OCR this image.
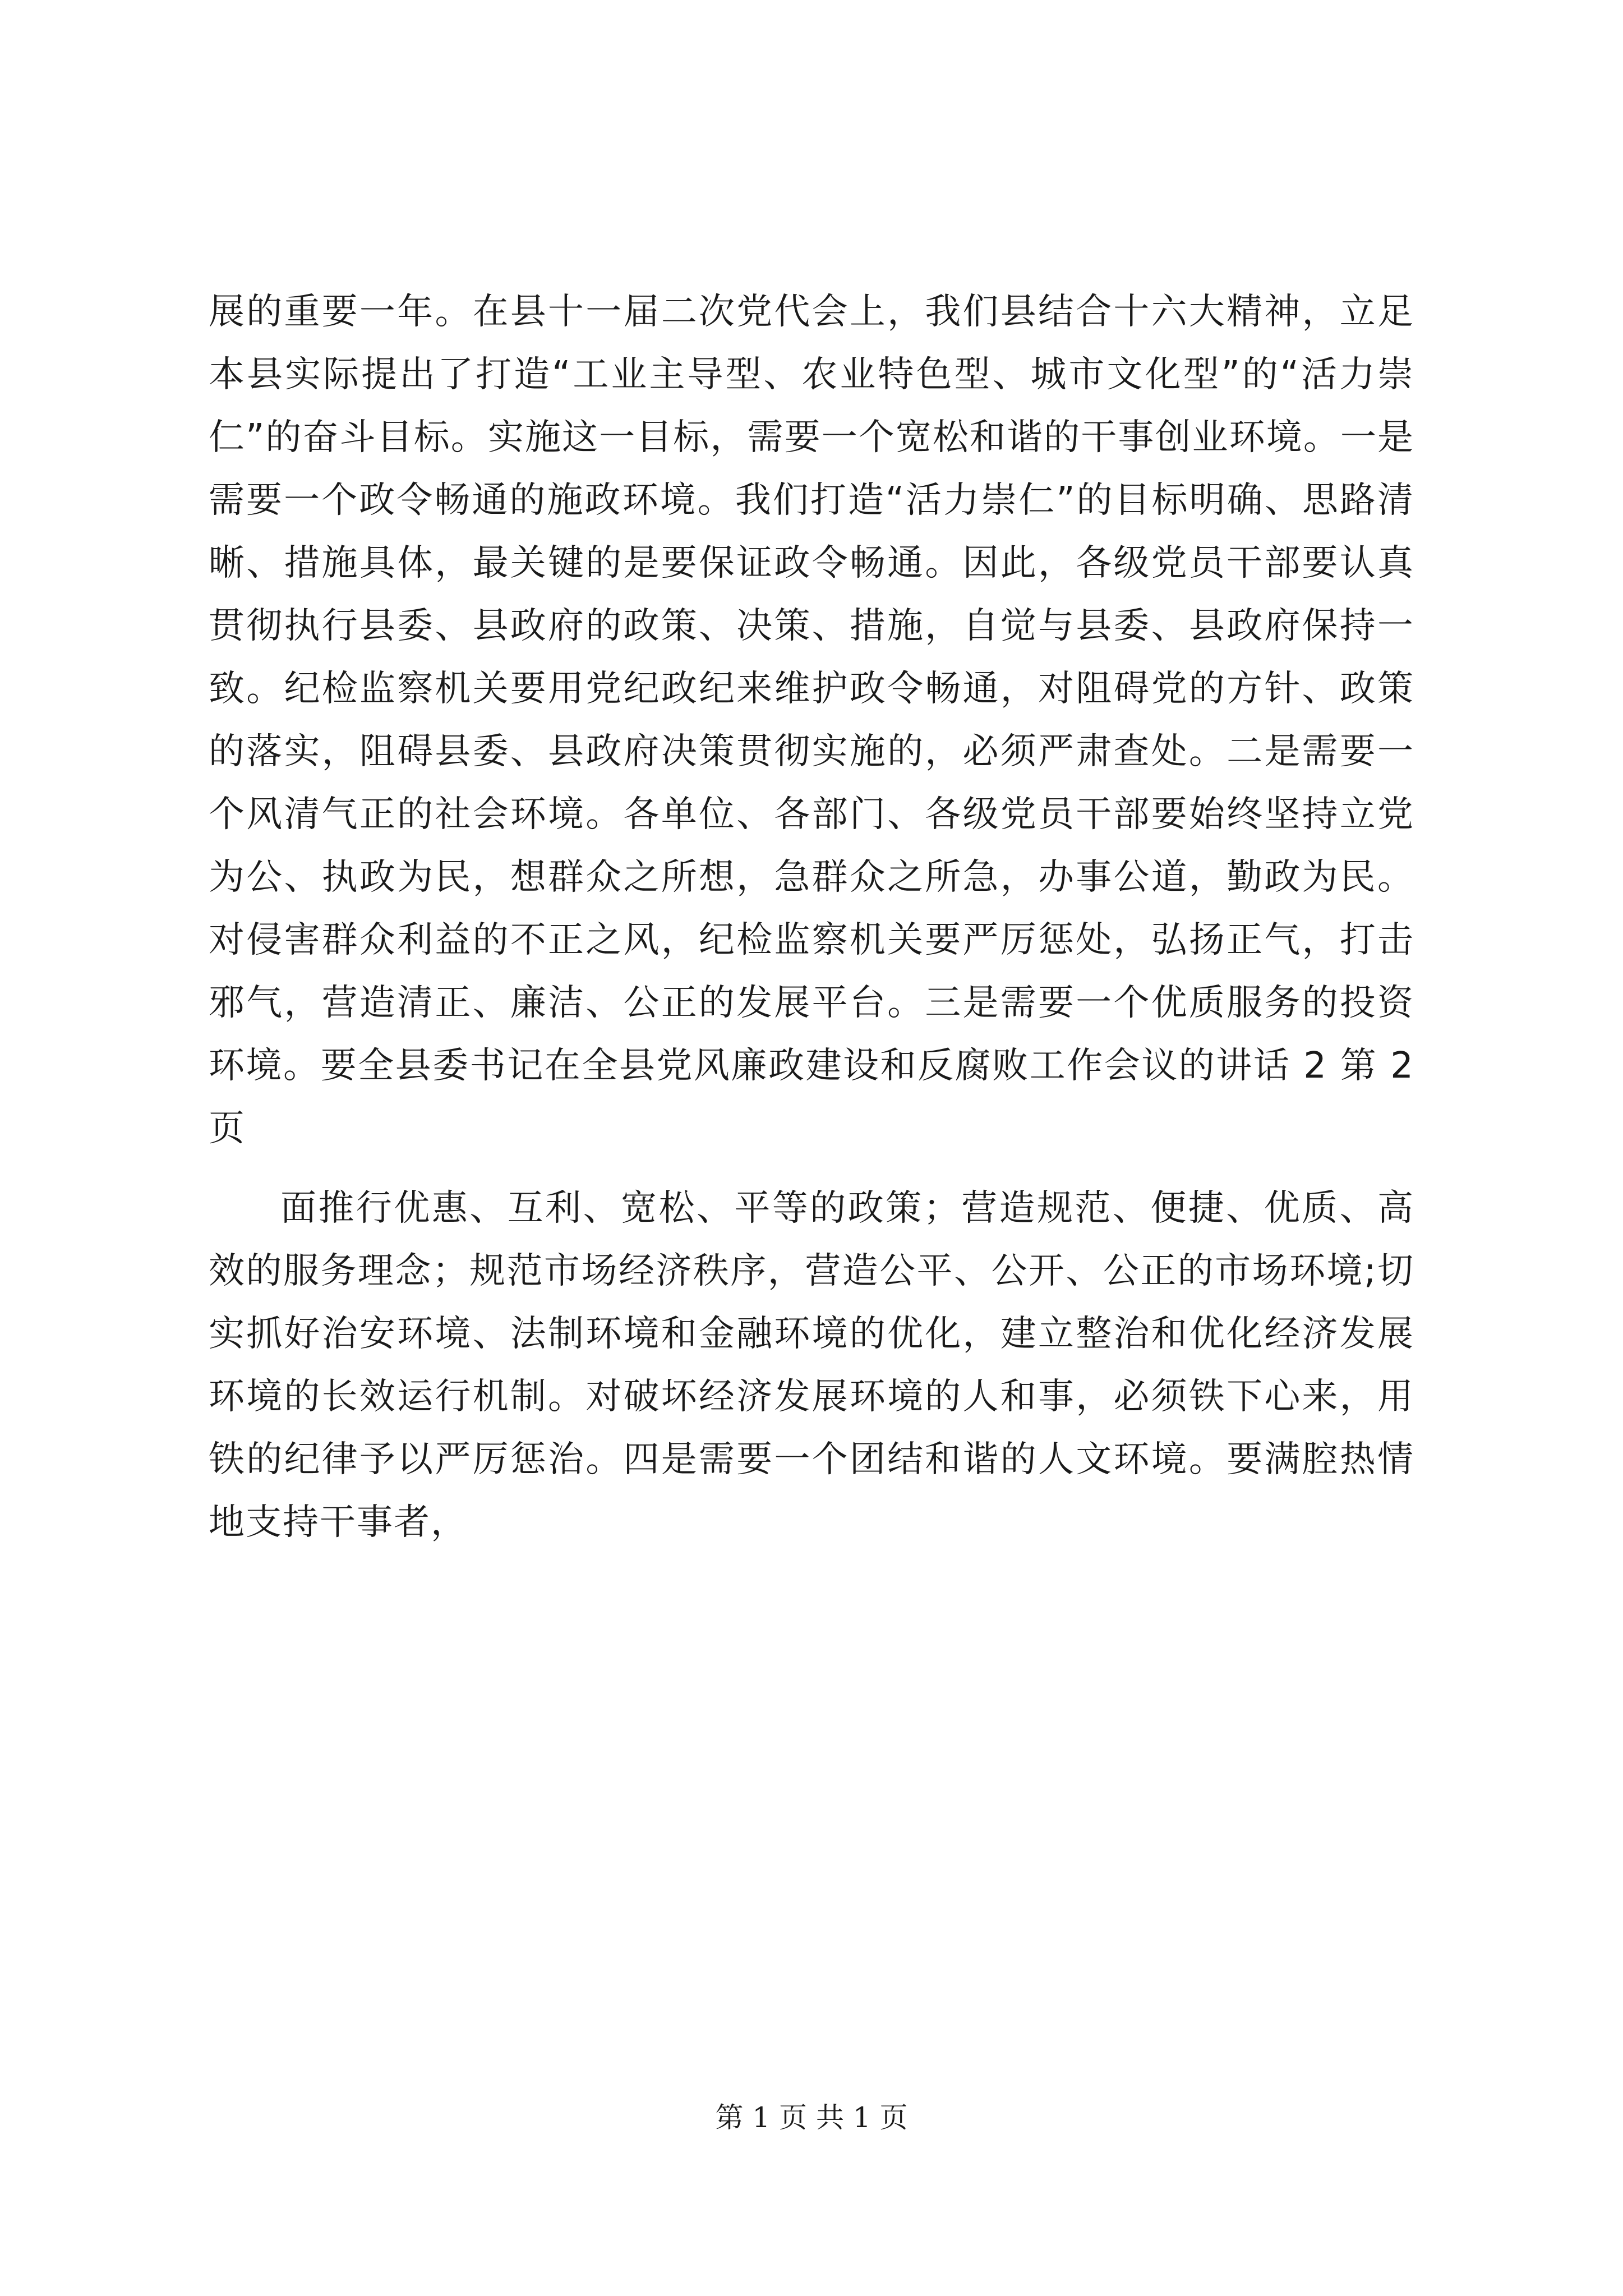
展的重要一年。在县十一届二次党代会上，我们县结合十六大精神，立足本县实际提出了打造“工业主导型、农业特色型、城市文化型”的“活力崇仁”的奋斗目标。实施这一目标，需要一个宽松和谐的干事创业环境。一是需要一个政令畅通的施政环境。我们打造“活力崇仁”的目标明确、思路清晰、措施具体，最关键的是要保证政令畅通。因此，各级党员干部要认真贯彻执行县委、县政府的政策、决策、措施，自觉与县委、县政府保持一致。纪检监察机关要用党纪政纪来维护政令畅通，对阻碍党的方针、政策的落实，阻碍县委、县政府决策贯彻实施的，必须严肃查处。二是需要一个风清气正的社会环境。各单位、各部门、各级党员干部要始终坚持立党为公、执政为民，想群众之所想，急群众之所急，办事公道，勤政为民。对侵害群众利益的不正之风，纪检监察机关要严厉惩处，弘扬正气，打击邪气，营造清正、廉洁、公正的发展平台。三是需要一个优质服务的投资环境。要全县委书记在全县党风廉政建设和反腐败工作会议的讲话 2 第 2 页

面推行优惠、互利、宽松、平等的政策；营造规范、便捷、优质、高效的服务理念；规范市场经济秩序，营造公平、公开、公正的市场环境;切实抓好治安环境、法制环境和金融环境的优化，建立整治和优化经济发展环境的长效运行机制。对破坏经济发展环境的人和事，必须铁下心来，用铁的纪律予以严厉惩治。四是需要一个团结和谐的人文环境。要满腔热情地支持干事者，

第 1 页 共 1 页
